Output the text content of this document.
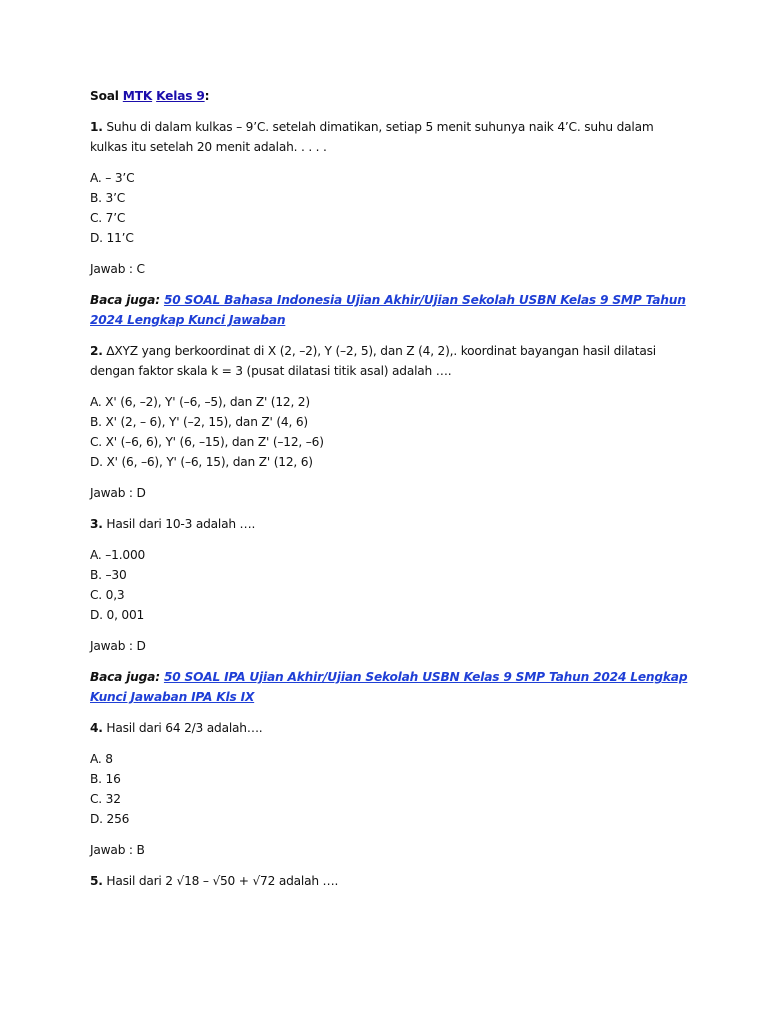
Soal MTK Kelas 9:

1. Suhu di dalam kulkas – 9’C. setelah dimatikan, setiap 5 menit suhunya naik 4’C. suhu dalam kulkas itu setelah 20 menit adalah. . . . .

A. – 3’C
B. 3’C
C. 7’C
D. 11’C

Jawab : C

Baca juga: 50 SOAL Bahasa Indonesia Ujian Akhir/Ujian Sekolah USBN Kelas 9 SMP Tahun 2024 Lengkap Kunci Jawaban

2. ∆XYZ yang berkoordinat di X (2, –2), Y (–2, 5), dan Z (4, 2),. koordinat bayangan hasil dilatasi dengan faktor skala k = 3 (pusat dilatasi titik asal) adalah ….

A. X' (6, –2), Y' (–6, –5), dan Z' (12, 2)
B. X' (2, – 6), Y' (–2, 15), dan Z' (4, 6)
C. X' (–6, 6), Y' (6, –15), dan Z' (–12, –6)
D. X' (6, –6), Y' (–6, 15), dan Z' (12, 6)

Jawab : D

3. Hasil dari 10-3 adalah ….

A. –1.000
B. –30
C. 0,3
D. 0, 001

Jawab : D

Baca juga: 50 SOAL IPA Ujian Akhir/Ujian Sekolah USBN Kelas 9 SMP Tahun 2024 Lengkap Kunci Jawaban IPA Kls IX

4. Hasil dari 64 2/3 adalah….

A. 8
B. 16
C. 32
D. 256

Jawab : B

5. Hasil dari 2 √18 – √50 + √72 adalah ….
